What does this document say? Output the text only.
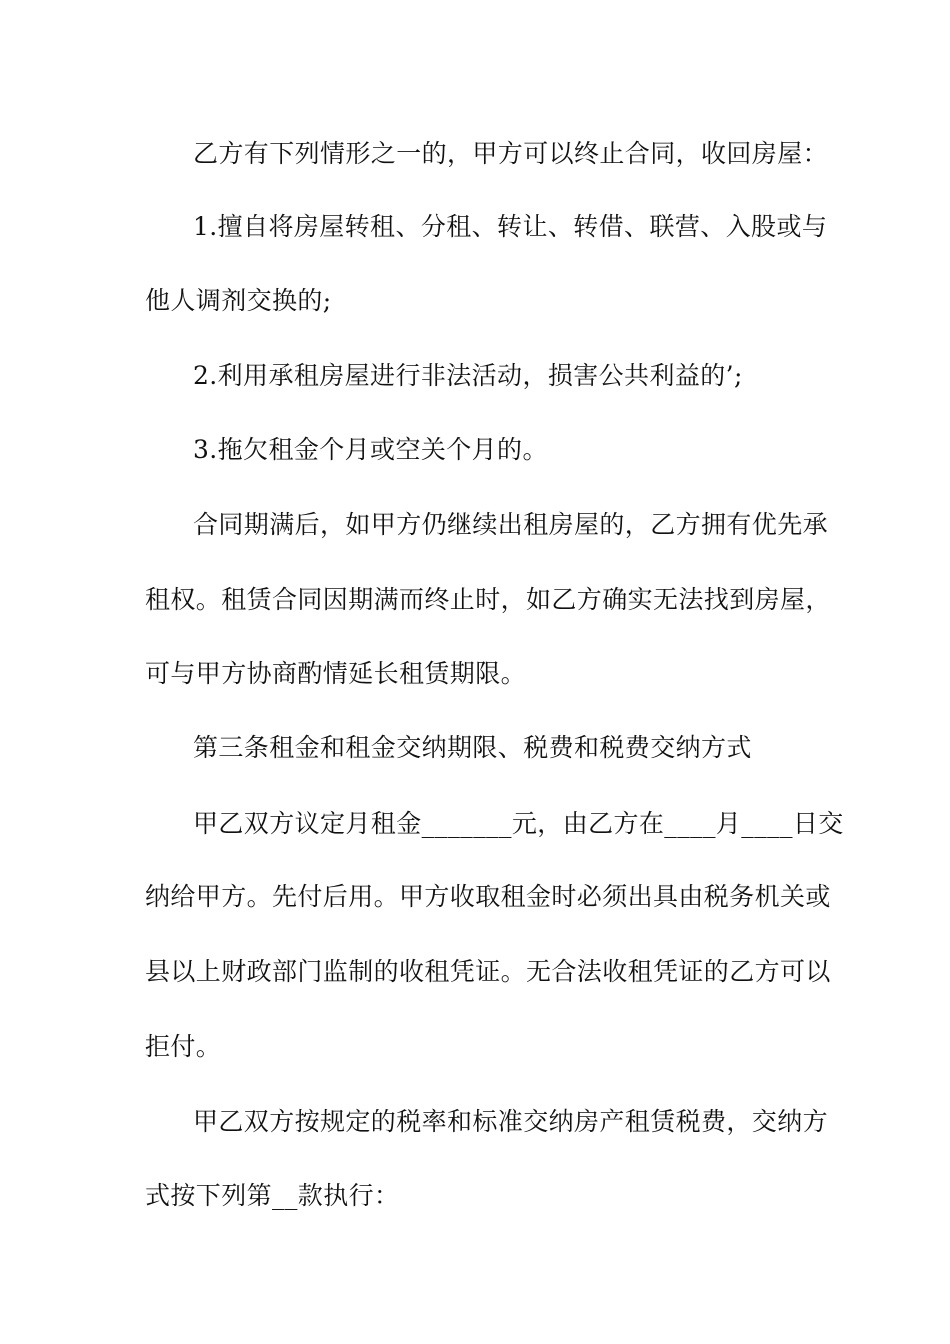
乙方有下列情形之一的，甲方可以终止合同，收回房屋：
1.擅自将房屋转租、分租、转让、转借、联营、入股或与
他人调剂交换的;
2.利用承租房屋进行非法活动，损害公共利益的’;
3.拖欠租金个月或空关个月的。
合同期满后，如甲方仍继续出租房屋的，乙方拥有优先承
租权。租赁合同因期满而终止时，如乙方确实无法找到房屋，
可与甲方协商酌情延长租赁期限。
第三条租金和租金交纳期限、税费和税费交纳方式
甲乙双方议定月租金_______元，由乙方在____月____日交
纳给甲方。先付后用。甲方收取租金时必须出具由税务机关或
县以上财政部门监制的收租凭证。无合法收租凭证的乙方可以
拒付。
甲乙双方按规定的税率和标准交纳房产租赁税费，交纳方
式按下列第__款执行：
